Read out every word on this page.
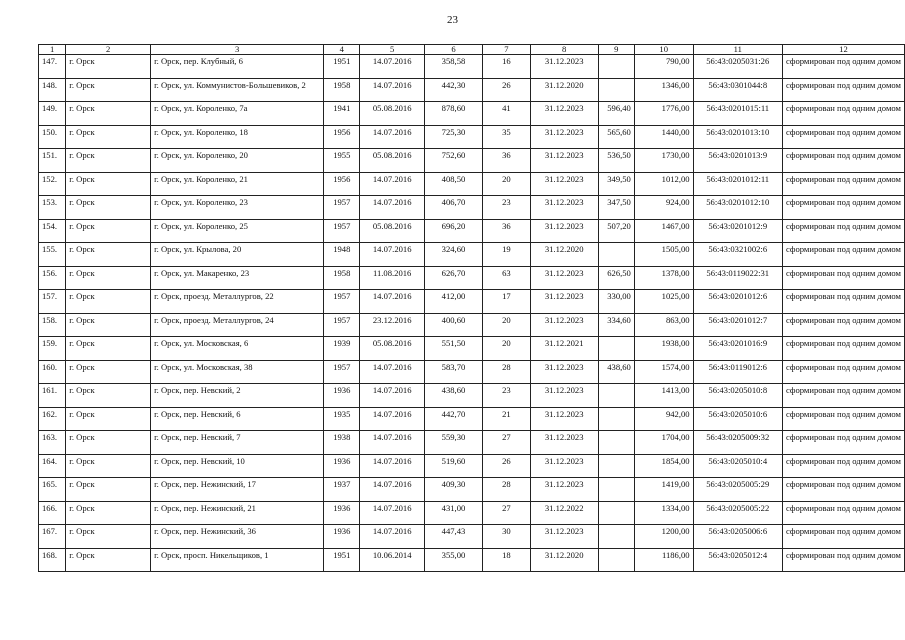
23
1	2	3	4	5	6	7	8	9	10	11	12
147.	г. Орск	г. Орск, пер. Клубный, 6	1951	14.07.2016	358,58	16	31.12.2023		790,00	56:43:0205031:26	сформирован под одним домом
148.	г. Орск	г. Орск, ул. Коммунистов-Большевиков, 2	1958	14.07.2016	442,30	26	31.12.2020		1346,00	56:43:0301044:8	сформирован под одним домом
149.	г. Орск	г. Орск, ул. Короленко, 7а	1941	05.08.2016	878,60	41	31.12.2023	596,40	1776,00	56:43:0201015:11	сформирован под одним домом
150.	г. Орск	г. Орск, ул. Короленко, 18	1956	14.07.2016	725,30	35	31.12.2023	565,60	1440,00	56:43:0201013:10	сформирован под одним домом
151.	г. Орск	г. Орск, ул. Короленко, 20	1955	05.08.2016	752,60	36	31.12.2023	536,50	1730,00	56:43:0201013:9	сформирован под одним домом
152.	г. Орск	г. Орск, ул. Короленко, 21	1956	14.07.2016	408,50	20	31.12.2023	349,50	1012,00	56:43:0201012:11	сформирован под одним домом
153.	г. Орск	г. Орск, ул. Короленко, 23	1957	14.07.2016	406,70	23	31.12.2023	347,50	924,00	56:43:0201012:10	сформирован под одним домом
154.	г. Орск	г. Орск, ул. Короленко, 25	1957	05.08.2016	696,20	36	31.12.2023	507,20	1467,00	56:43:0201012:9	сформирован под одним домом
155.	г. Орск	г. Орск, ул. Крылова, 20	1948	14.07.2016	324,60	19	31.12.2020		1505,00	56:43:0321002:6	сформирован под одним домом
156.	г. Орск	г. Орск, ул. Макаренко, 23	1958	11.08.2016	626,70	63	31.12.2023	626,50	1378,00	56:43:0119022:31	сформирован под одним домом
157.	г. Орск	г. Орск, проезд. Металлургов, 22	1957	14.07.2016	412,00	17	31.12.2023	330,00	1025,00	56:43:0201012:6	сформирован под одним домом
158.	г. Орск	г. Орск, проезд. Металлургов, 24	1957	23.12.2016	400,60	20	31.12.2023	334,60	863,00	56:43:0201012:7	сформирован под одним домом
159.	г. Орск	г. Орск, ул. Московская, 6	1939	05.08.2016	551,50	20	31.12.2021		1938,00	56:43:0201016:9	сформирован под одним домом
160.	г. Орск	г. Орск, ул. Московская, 38	1957	14.07.2016	583,70	28	31.12.2023	438,60	1574,00	56:43:0119012:6	сформирован под одним домом
161.	г. Орск	г. Орск, пер. Невский, 2	1936	14.07.2016	438,60	23	31.12.2023		1413,00	56:43:0205010:8	сформирован под одним домом
162.	г. Орск	г. Орск, пер. Невский, 6	1935	14.07.2016	442,70	21	31.12.2023		942,00	56:43:0205010:6	сформирован под одним домом
163.	г. Орск	г. Орск, пер. Невский, 7	1938	14.07.2016	559,30	27	31.12.2023		1704,00	56:43:0205009:32	сформирован под одним домом
164.	г. Орск	г. Орск, пер. Невский, 10	1936	14.07.2016	519,60	26	31.12.2023		1854,00	56:43:0205010:4	сформирован под одним домом
165.	г. Орск	г. Орск, пер. Нежинский, 17	1937	14.07.2016	409,30	28	31.12.2023		1419,00	56:43:0205005:29	сформирован под одним домом
166.	г. Орск	г. Орск, пер. Нежинский, 21	1936	14.07.2016	431,00	27	31.12.2022		1334,00	56:43:0205005:22	сформирован под одним домом
167.	г. Орск	г. Орск, пер. Нежинский, 36	1936	14.07.2016	447,43	30	31.12.2023		1200,00	56:43:0205006:6	сформирован под одним домом
168.	г. Орск	г. Орск, просп. Никельщиков, 1	1951	10.06.2014	355,00	18	31.12.2020		1186,00	56:43:0205012:4	сформирован под одним домом
